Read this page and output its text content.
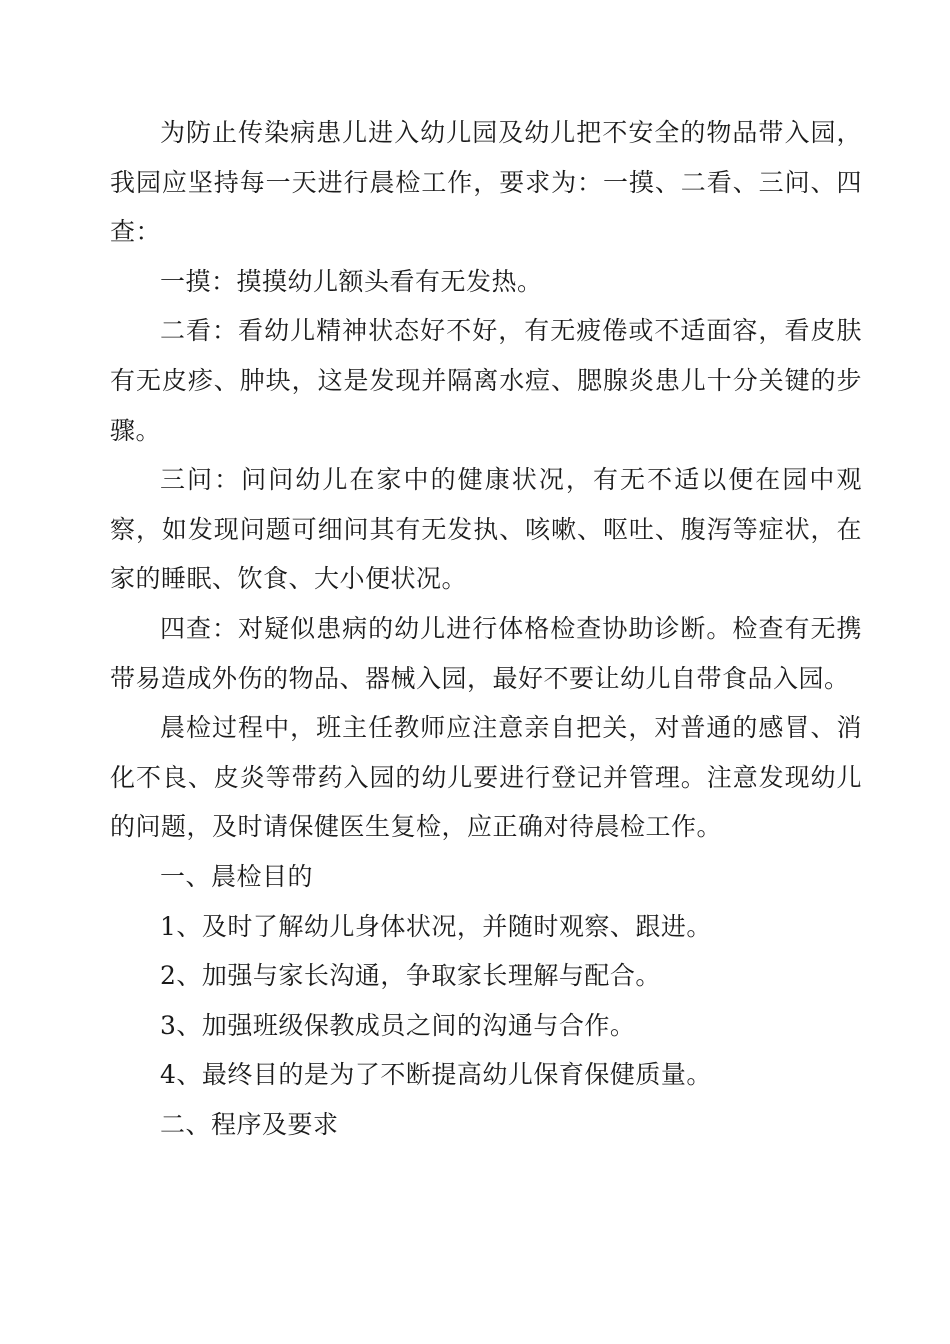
为防止传染病患儿进入幼儿园及幼儿把不安全的物品带入园，我园应坚持每一天进行晨检工作，要求为：一摸、二看、三问、四查：

一摸：摸摸幼儿额头看有无发热。

二看：看幼儿精神状态好不好，有无疲倦或不适面容，看皮肤有无皮疹、肿块，这是发现并隔离水痘、腮腺炎患儿十分关键的步骤。

三问：问问幼儿在家中的健康状况，有无不适以便在园中观察，如发现问题可细问其有无发执、咳嗽、呕吐、腹泻等症状，在家的睡眠、饮食、大小便状况。

四查：对疑似患病的幼儿进行体格检查协助诊断。检查有无携带易造成外伤的物品、器械入园，最好不要让幼儿自带食品入园。

晨检过程中，班主任教师应注意亲自把关，对普通的感冒、消化不良、皮炎等带药入园的幼儿要进行登记并管理。注意发现幼儿的问题，及时请保健医生复检，应正确对待晨检工作。

一、晨检目的

1、及时了解幼儿身体状况，并随时观察、跟进。

2、加强与家长沟通，争取家长理解与配合。

3、加强班级保教成员之间的沟通与合作。

4、最终目的是为了不断提高幼儿保育保健质量。

二、程序及要求
